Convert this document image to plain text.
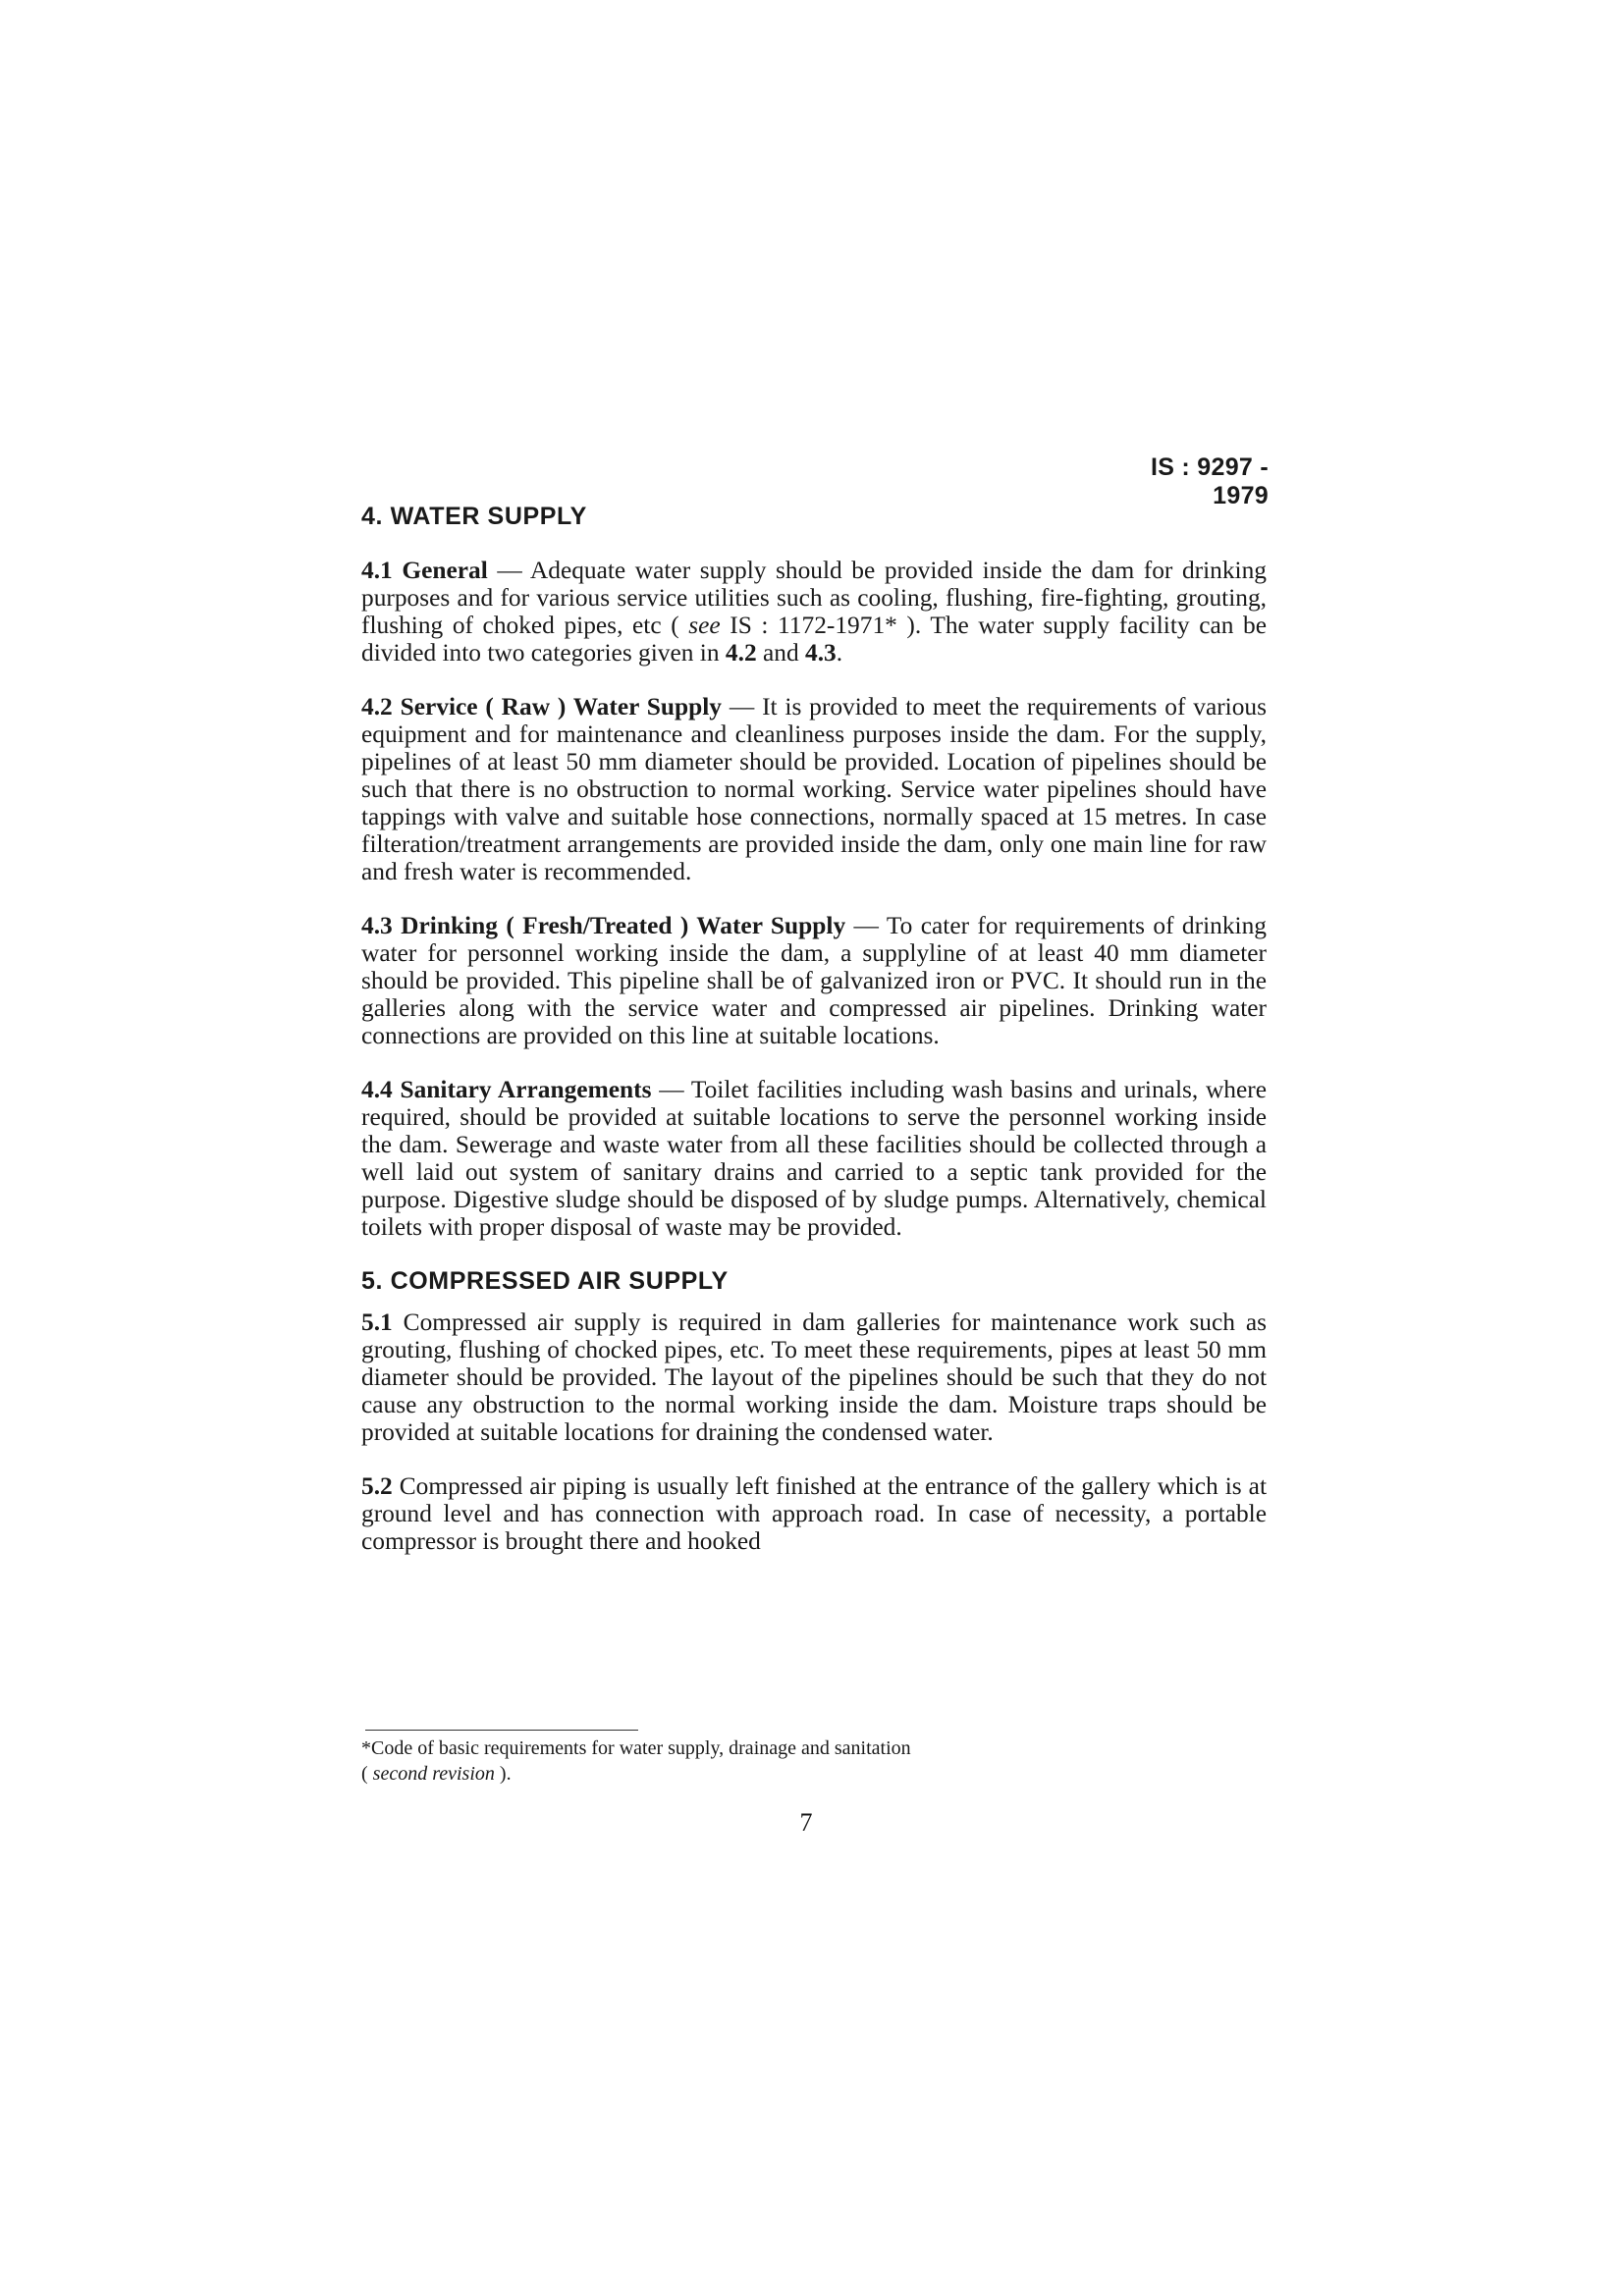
IS : 9297 - 1979
4. WATER SUPPLY

4.1 General — Adequate water supply should be provided inside the dam for drinking purposes and for various service utilities such as cooling, flushing, fire-fighting, grouting, flushing of choked pipes, etc ( see IS : 1172-1971* ). The water supply facility can be divided into two categories given in 4.2 and 4.3.

4.2 Service ( Raw ) Water Supply — It is provided to meet the requirements of various equipment and for maintenance and cleanliness purposes inside the dam. For the supply, pipelines of at least 50 mm diameter should be provided. Location of pipelines should be such that there is no obstruction to normal working. Service water pipelines should have tappings with valve and suitable hose connections, normally spaced at 15 metres. In case filteration/treatment arrangements are provided inside the dam, only one main line for raw and fresh water is recommended.

4.3 Drinking ( Fresh/Treated ) Water Supply — To cater for requirements of drinking water for personnel working inside the dam, a supplyline of at least 40 mm diameter should be provided. This pipeline shall be of galvanized iron or PVC. It should run in the galleries along with the service water and compressed air pipelines. Drinking water connections are provided on this line at suitable locations.

4.4 Sanitary Arrangements — Toilet facilities including wash basins and urinals, where required, should be provided at suitable locations to serve the personnel working inside the dam. Sewerage and waste water from all these facilities should be collected through a well laid out system of sanitary drains and carried to a septic tank provided for the purpose. Digestive sludge should be disposed of by sludge pumps. Alternatively, chemical toilets with proper disposal of waste may be provided.

5. COMPRESSED AIR SUPPLY

5.1 Compressed air supply is required in dam galleries for maintenance work such as grouting, flushing of chocked pipes, etc. To meet these requirements, pipes at least 50 mm diameter should be provided. The layout of the pipelines should be such that they do not cause any obstruction to the normal working inside the dam. Moisture traps should be provided at suitable locations for draining the condensed water.

5.2 Compressed air piping is usually left finished at the entrance of the gallery which is at ground level and has connection with approach road. In case of necessity, a portable compressor is brought there and hooked

*Code of basic requirements for water supply, drainage and sanitation
( second revision ).

7
